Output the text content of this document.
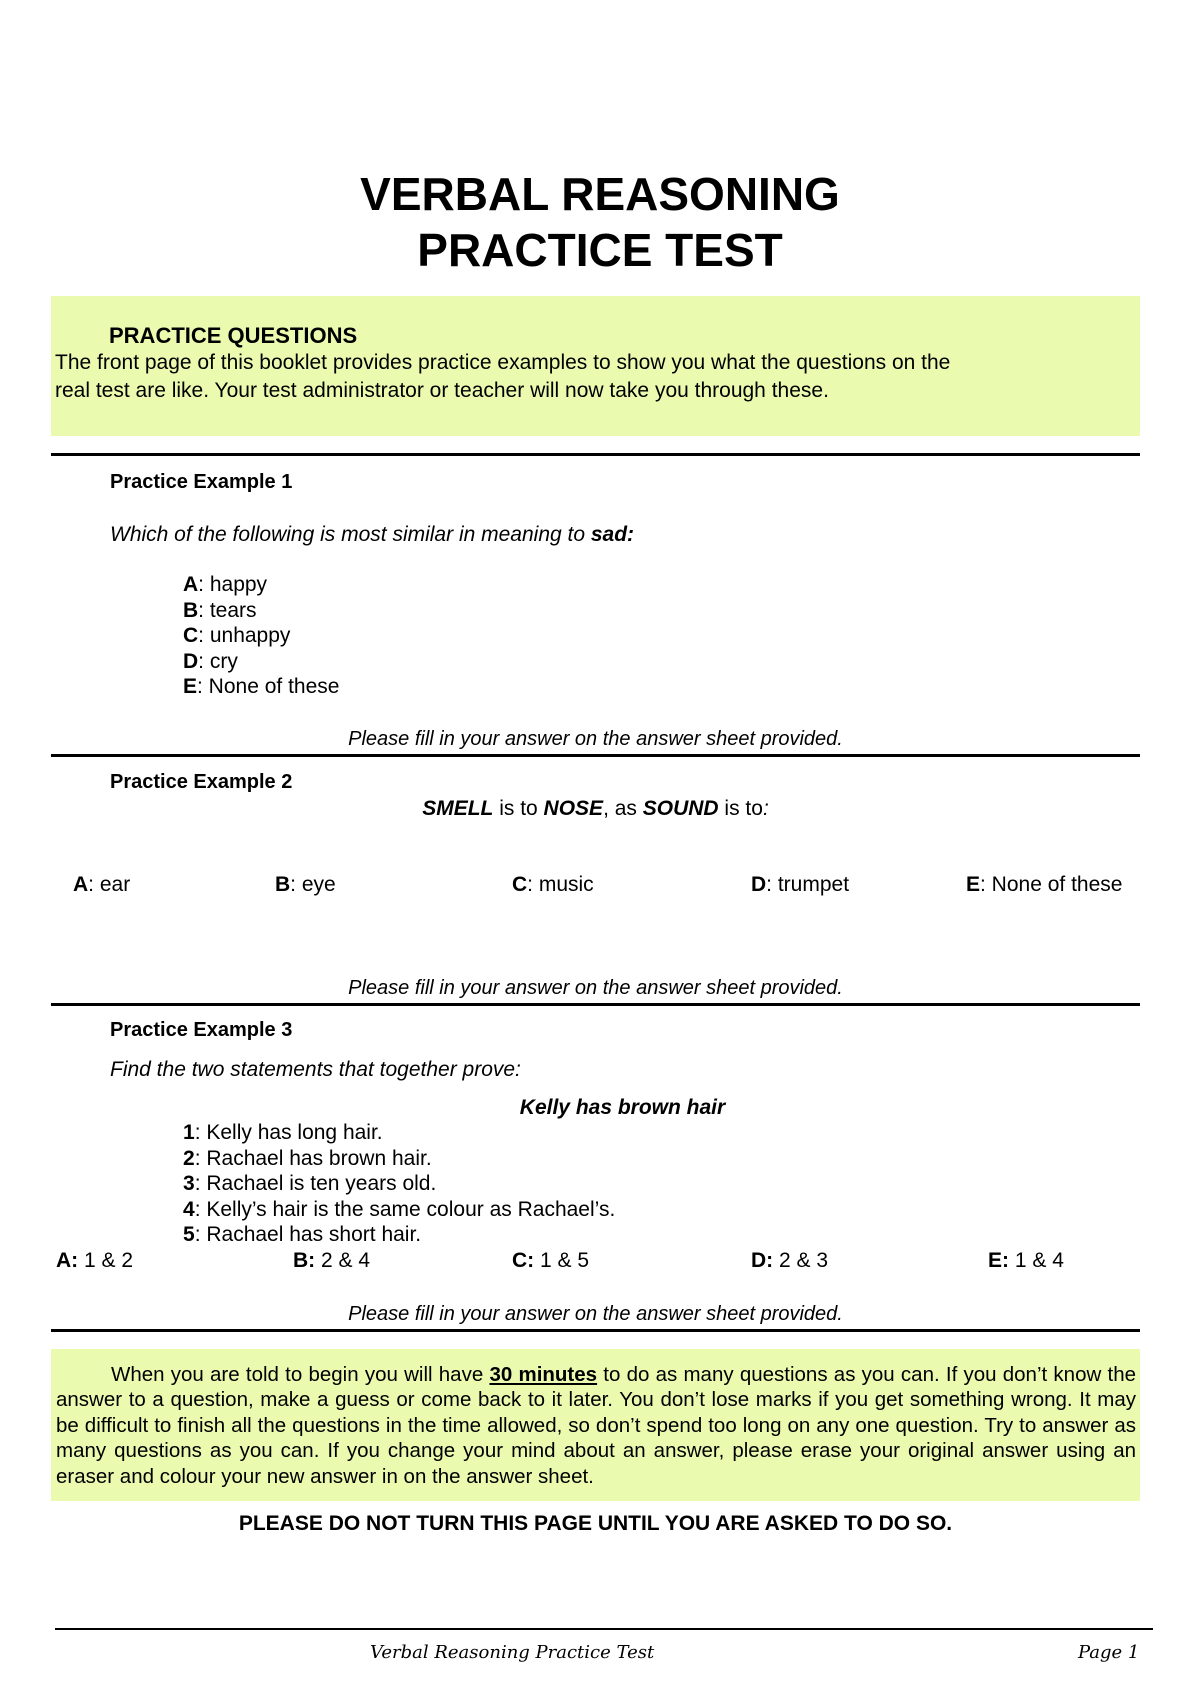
VERBAL REASONING
PRACTICE TEST
PRACTICE QUESTIONS
The front page of this booklet provides practice examples to show you what the questions on the
real test are like. Your test administrator or teacher will now take you through these.
Practice Example 1
Which of the following is most similar in meaning to sad:
A: happy
B: tears
C: unhappy
D: cry
E: None of these
Please fill in your answer on the answer sheet provided.
Practice Example 2
SMELL is to NOSE, as SOUND is to:
A: ear	B: eye	C: music	D: trumpet	E: None of these
Please fill in your answer on the answer sheet provided.
Practice Example 3
Find the two statements that together prove:
Kelly has brown hair
1: Kelly has long hair.
2: Rachael has brown hair.
3: Rachael is ten years old.
4: Kelly’s hair is the same colour as Rachael’s.
5: Rachael has short hair.
A: 1 & 2	B: 2 & 4	C: 1 & 5	D: 2 & 3	E: 1 & 4
Please fill in your answer on the answer sheet provided.
When you are told to begin you will have 30 minutes to do as many questions as you can. If you don’t know the answer to a question, make a guess or come back to it later. You don’t lose marks if you get something wrong. It may be difficult to finish all the questions in the time allowed, so don’t spend too long on any one question. Try to answer as many questions as you can. If you change your mind about an answer, please erase your original answer using an eraser and colour your new answer in on the answer sheet.
PLEASE DO NOT TURN THIS PAGE UNTIL YOU ARE ASKED TO DO SO.
Verbal Reasoning Practice Test	Page 1
